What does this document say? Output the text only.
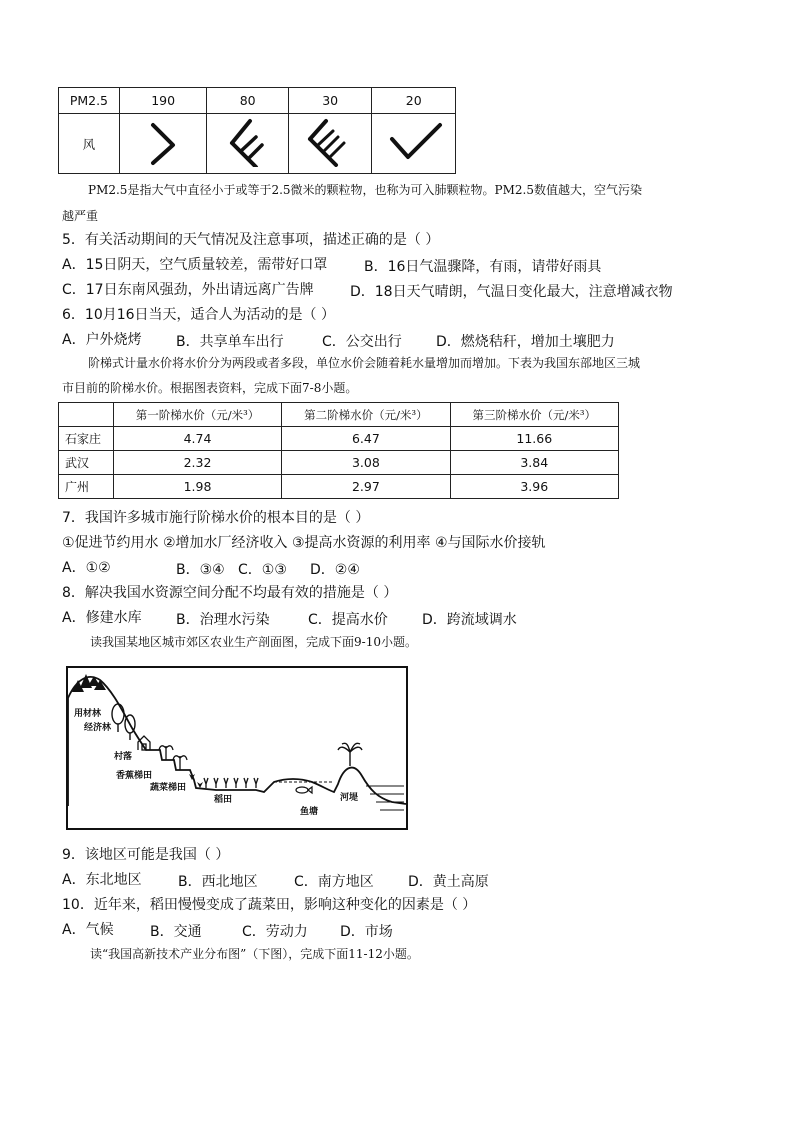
PM2.5	190	80	30	20
风				
PM2.5是指大气中直径小于或等于2.5微米的颗粒物，也称为可入肺颗粒物。PM2.5数值越大，空气污染
越严重
5．有关活动期间的天气情况及注意事项，描述正确的是（ ）
A．15日阴天，空气质量较差，需带好口罩	B．16日气温骤降，有雨，请带好雨具
C．17日东南风强劲，外出请远离广告牌	D．18日天气晴朗，气温日变化最大，注意增减衣物
6．10月16日当天，适合人为活动的是（ ）
A．户外烧烤 B．共享单车出行	C．公交出行 D．燃烧秸秆，增加土壤肥力
阶梯式计量水价将水价分为两段或者多段，单位水价会随着耗水量增加而增加。下表为我国东部地区三城
市目前的阶梯水价。根据图表资料，完成下面7-8小题。
	第一阶梯水价（元/米³）	第二阶梯水价（元/米³）	第三阶梯水价（元/米³）
石家庄	4.74	6.47	11.66
武汉	2.32	3.08	3.84
广州	1.98	2.97	3.96
7．我国许多城市施行阶梯水价的根本目的是（ ）
①促进节约用水 ②增加水厂经济收入 ③提高水资源的利用率 ④与国际水价接轨
A．①②	B．③④ C．①③ D．②④
8．解决我国水资源空间分配不均最有效的措施是（ ）
A．修建水库 B．治理水污染	C．提高水价 D．跨流域调水
读我国某地区城市郊区农业生产剖面图，完成下面9-10小题。
用材林
经济林
村落
香蕉梯田
蔬菜梯田
稻田
鱼塘
河堤
9．该地区可能是我国（ ）
A．东北地区	B．西北地区	C．南方地区 D．黄土高原
10．近年来，稻田慢慢变成了蔬菜田，影响这种变化的因素是（ ）
A．气候	B．交通	C．劳动力 D．市场
读“我国高新技术产业分布图”（下图），完成下面11-12小题。
